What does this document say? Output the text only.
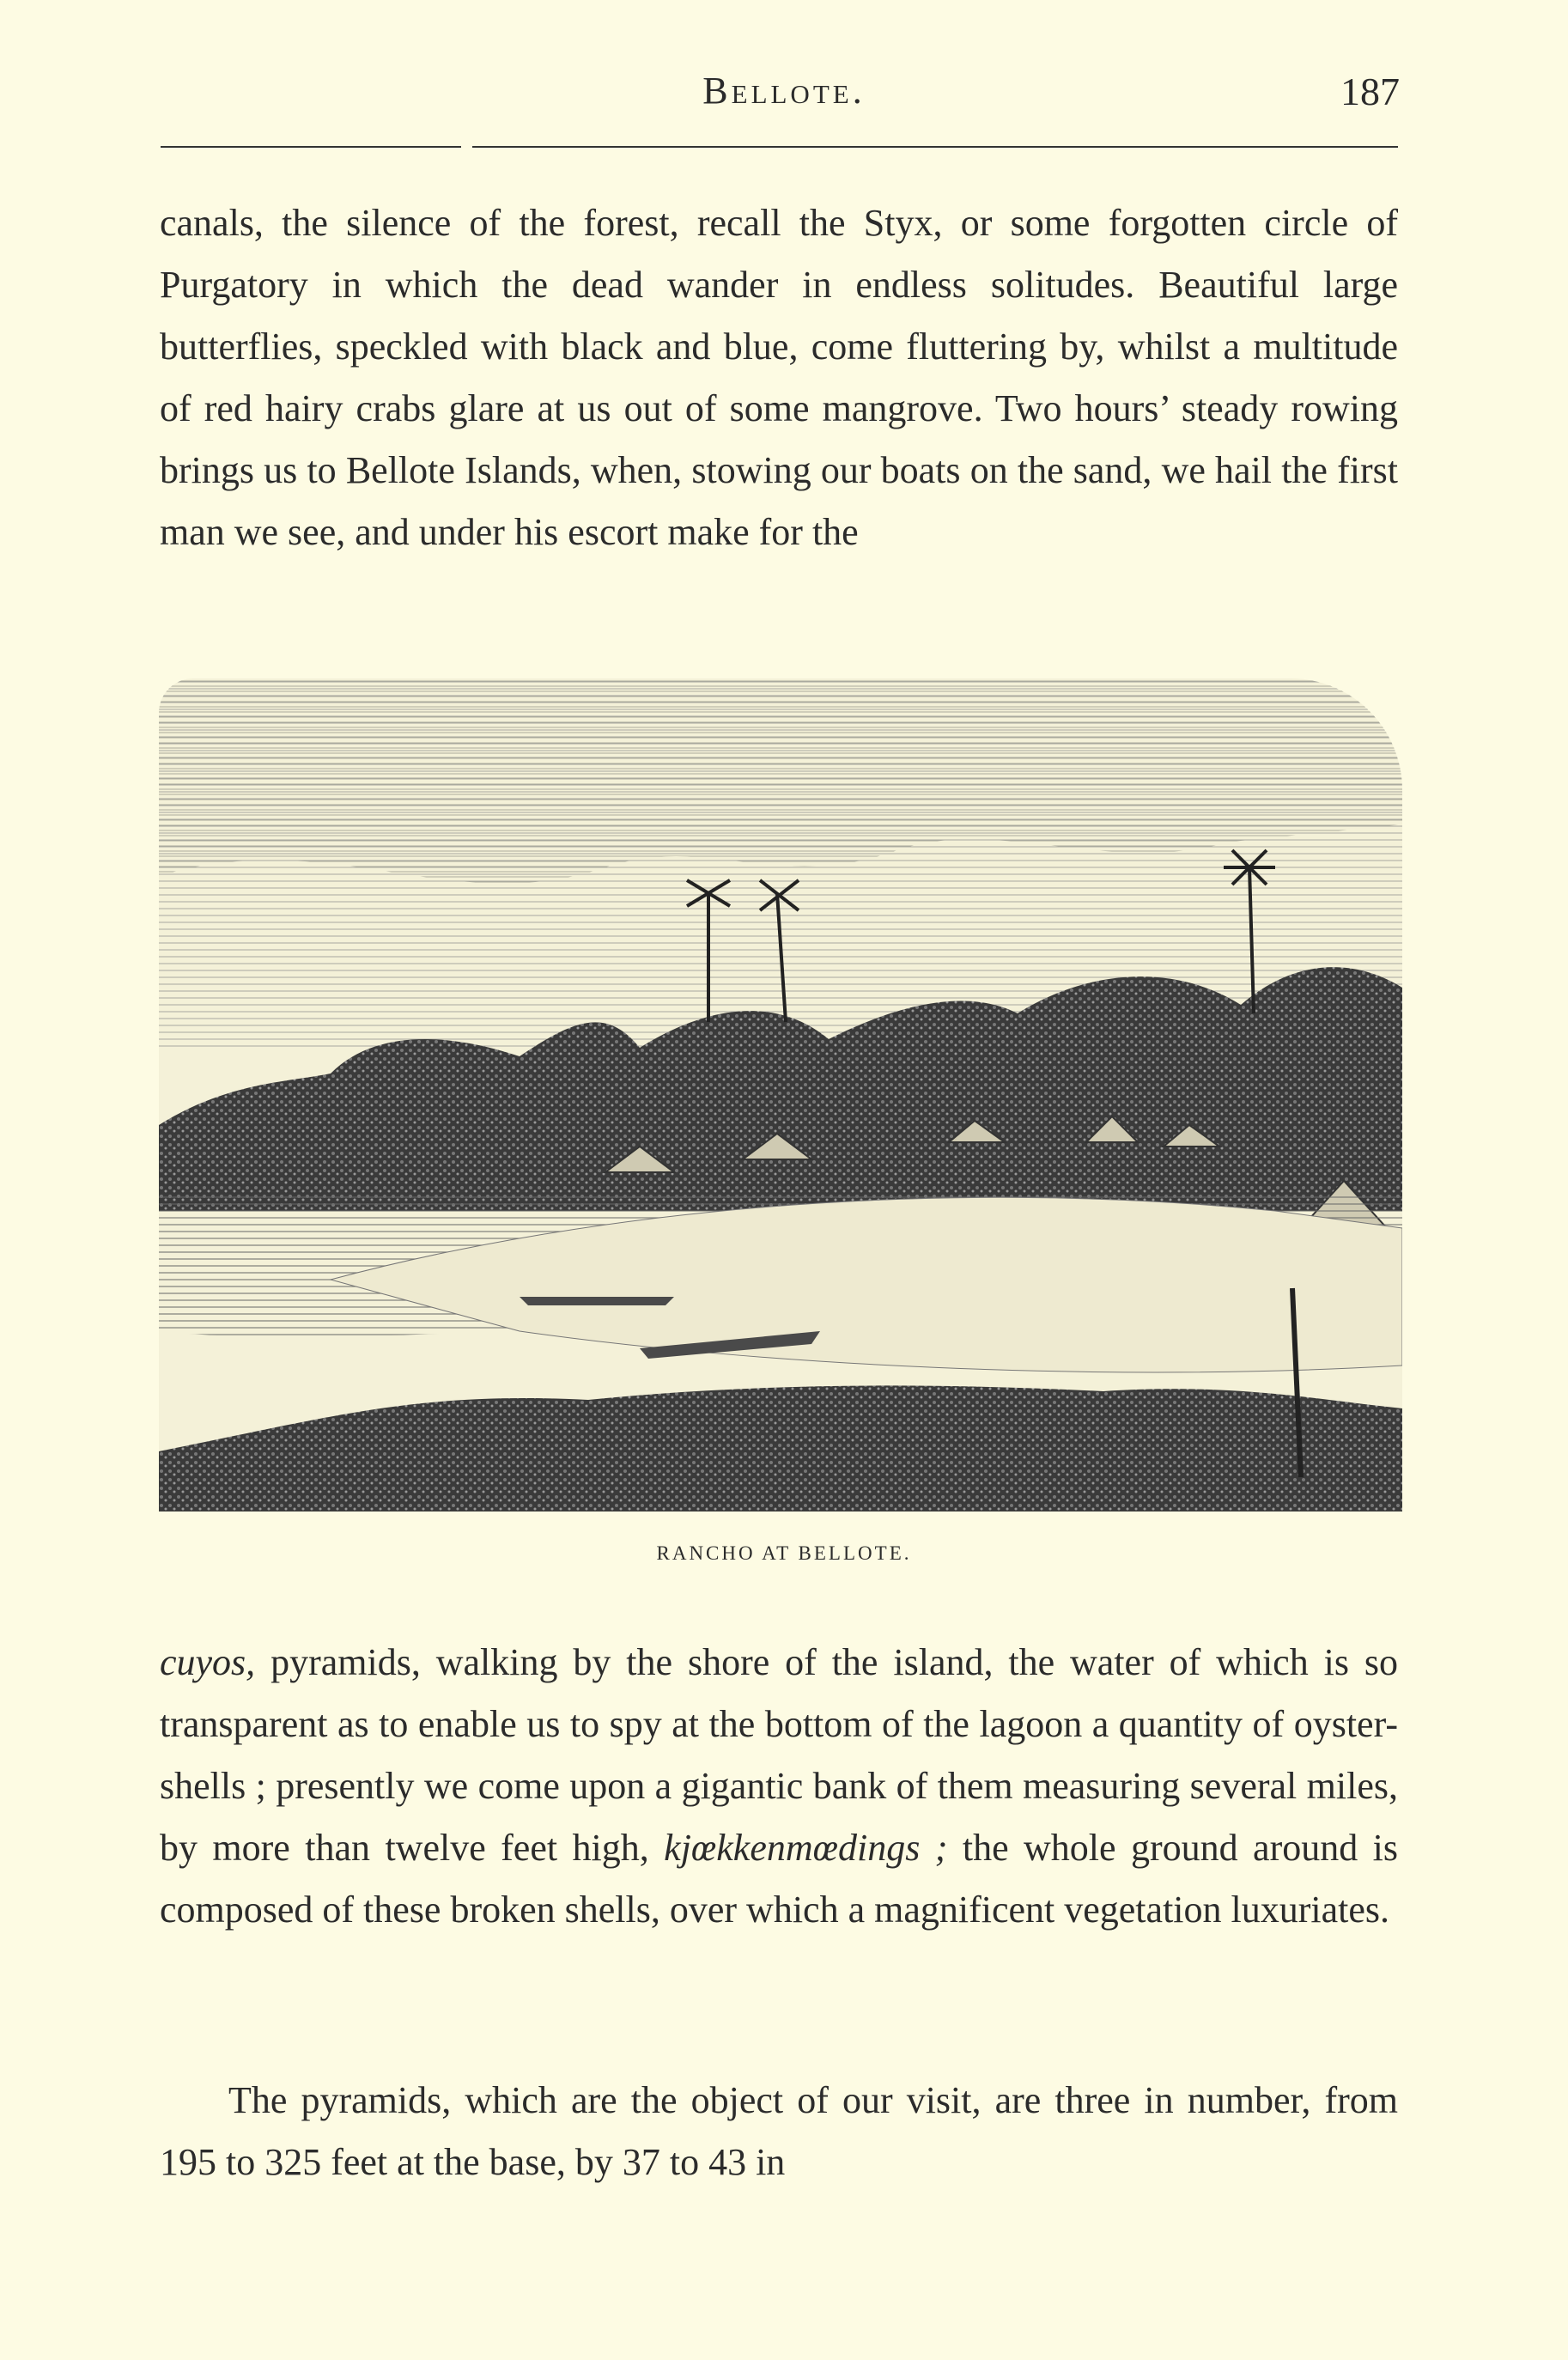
Bellote.	187

canals, the silence of the forest, recall the Styx, or some forgotten circle of Purgatory in which the dead wander in endless solitudes. Beautiful large butterflies, speckled with black and blue, come fluttering by, whilst a multitude of red hairy crabs glare at us out of some mangrove. Two hours’ steady rowing brings us to Bellote Islands, when, stowing our boats on the sand, we hail the first man we see, and under his escort make for the

RANCHO AT BELLOTE.

cuyos, pyramids, walking by the shore of the island, the water of which is so transparent as to enable us to spy at the bottom of the lagoon a quantity of oyster-shells ; presently we come upon a gigantic bank of them measuring several miles, by more than twelve feet high, kjœkkenmœdings ; the whole ground around is composed of these broken shells, over which a magnificent vegetation luxuriates.

The pyramids, which are the object of our visit, are three in number, from 195 to 325 feet at the base, by 37 to 43 in
